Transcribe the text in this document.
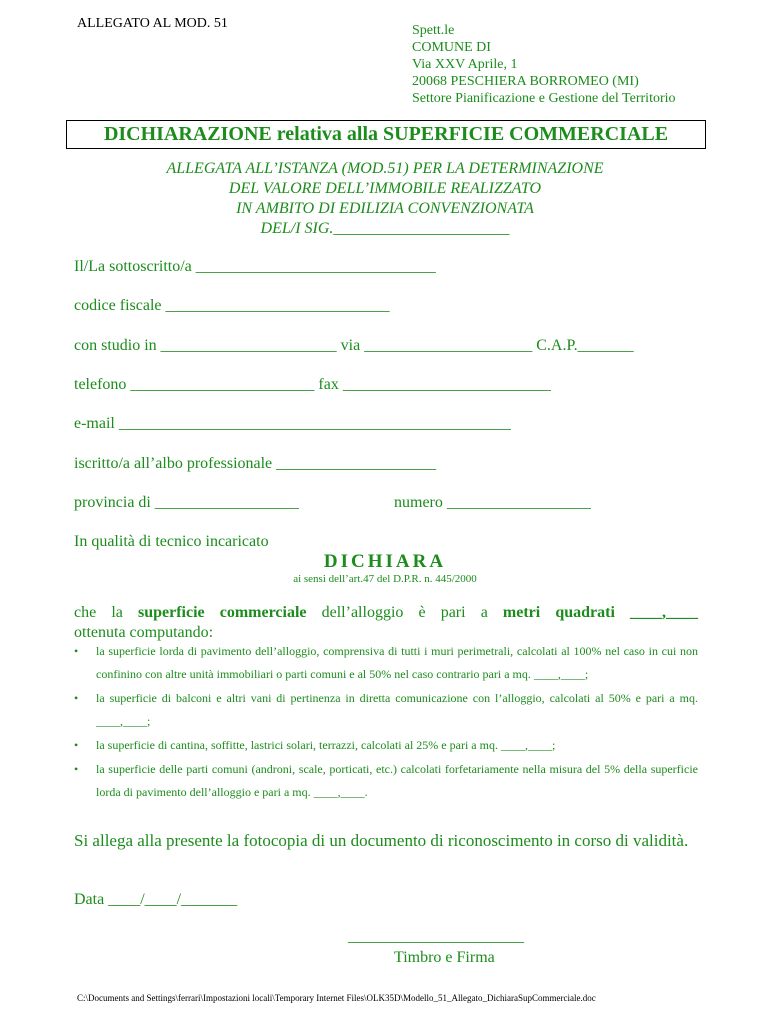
ALLEGATO AL MOD. 51	Spett.le
COMUNE DI
Via XXV Aprile, 1
20068 PESCHIERA BORROMEO (MI)
Settore Pianificazione e Gestione del Territorio
DICHIARAZIONE relativa alla SUPERFICIE COMMERCIALE
ALLEGATA ALL’ISTANZA (MOD.51) PER LA DETERMINAZIONE
DEL VALORE DELL’IMMOBILE REALIZZATO
IN AMBITO DI EDILIZIA CONVENZIONATA
DEL/I SIG.______________________
Il/La sottoscritto/a ______________________________
codice fiscale ____________________________
con studio in ______________________ via _____________________ C.A.P._______
telefono _______________________ fax __________________________
e-mail _________________________________________________
iscritto/a all’albo professionale ____________________
provincia di __________________	numero __________________
In qualità di tecnico incaricato
DICHIARA
ai sensi dell’art.47 del D.P.R. n. 445/2000
che la superficie commerciale dell’alloggio è pari a metri quadrati ____,____
ottenuta computando:
• la superficie lorda di pavimento dell’alloggio, comprensiva di tutti i muri perimetrali, calcolati al 100% nel caso in cui non confinino con altre unità immobiliari o parti comuni e al 50% nel caso contrario pari a mq. ____,____;
• la superficie di balconi e altri vani di pertinenza in diretta comunicazione con l’alloggio, calcolati al 50% e pari a mq. ____,____;
• la superficie di cantina, soffitte, lastrici solari, terrazzi, calcolati al 25% e pari a mq. ____,____;
• la superficie delle parti comuni (androni, scale, porticati, etc.) calcolati forfetariamente nella misura del 5% della superficie lorda di pavimento dell’alloggio e pari a mq. ____,____.
Si allega alla presente la fotocopia di un documento di riconoscimento in corso di validità.
Data ____/____/_______
______________________
Timbro e Firma
C:\Documents and Settings\ferrari\Impostazioni locali\Temporary Internet Files\OLK35D\Modello_51_Allegato_DichiaraSupCommerciale.doc
